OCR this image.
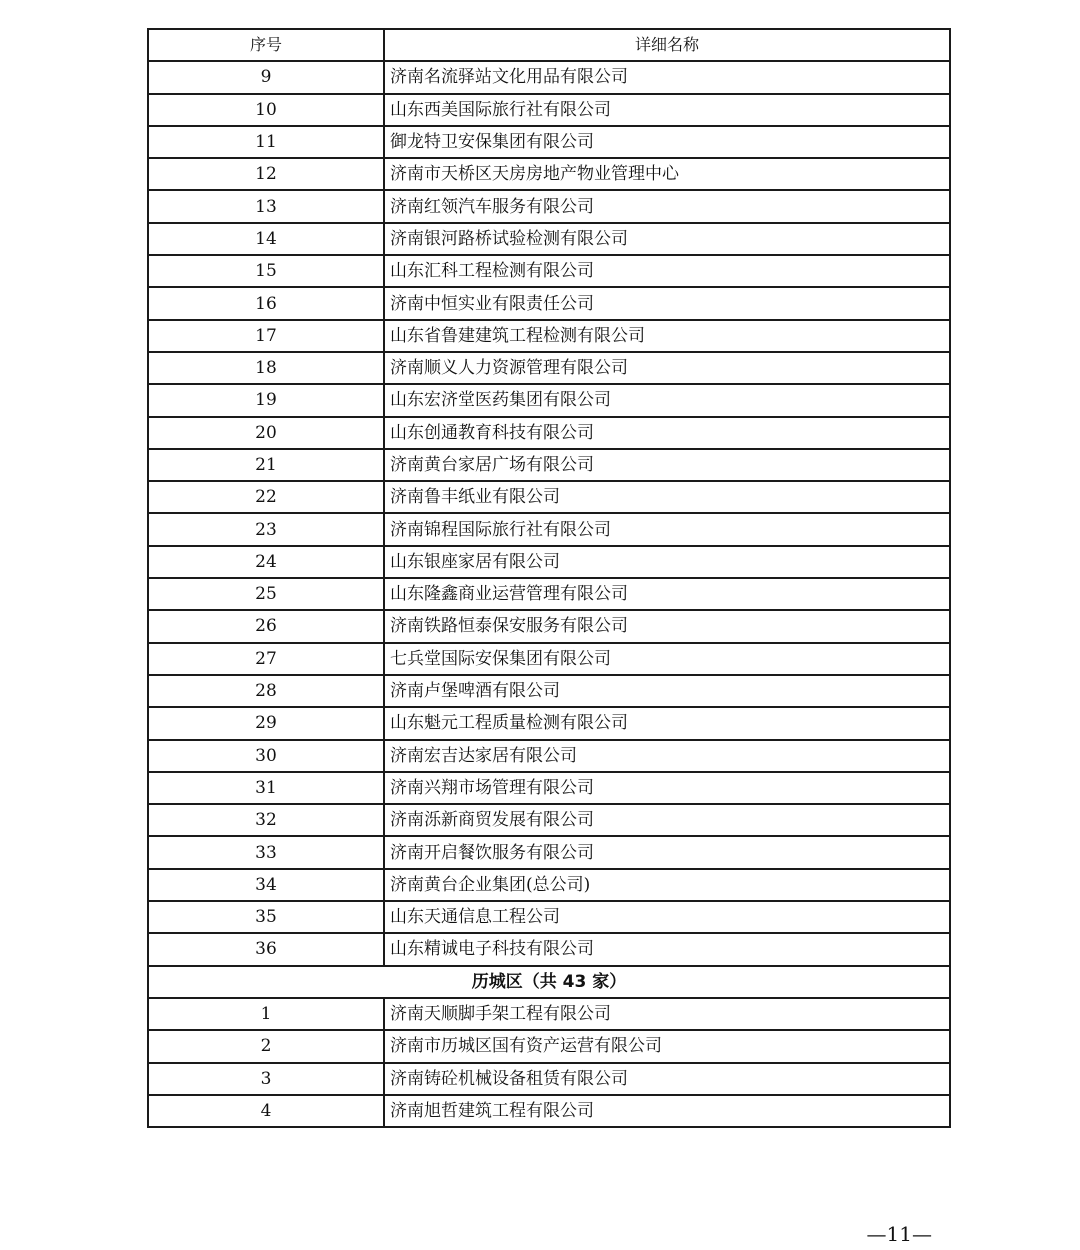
序号	详细名称
9	济南名流驿站文化用品有限公司
10	山东西美国际旅行社有限公司
11	御龙特卫安保集团有限公司
12	济南市天桥区天房房地产物业管理中心
13	济南红领汽车服务有限公司
14	济南银河路桥试验检测有限公司
15	山东汇科工程检测有限公司
16	济南中恒实业有限责任公司
17	山东省鲁建建筑工程检测有限公司
18	济南顺义人力资源管理有限公司
19	山东宏济堂医药集团有限公司
20	山东创通教育科技有限公司
21	济南黄台家居广场有限公司
22	济南鲁丰纸业有限公司
23	济南锦程国际旅行社有限公司
24	山东银座家居有限公司
25	山东隆鑫商业运营管理有限公司
26	济南铁路恒泰保安服务有限公司
27	七兵堂国际安保集团有限公司
28	济南卢堡啤酒有限公司
29	山东魁元工程质量检测有限公司
30	济南宏吉达家居有限公司
31	济南兴翔市场管理有限公司
32	济南泺新商贸发展有限公司
33	济南开启餐饮服务有限公司
34	济南黄台企业集团(总公司)
35	山东天通信息工程公司
36	山东精诚电子科技有限公司
历城区（共 43 家）	
1	济南天顺脚手架工程有限公司
2	济南市历城区国有资产运营有限公司
3	济南铸砼机械设备租赁有限公司
4	济南旭哲建筑工程有限公司
—11—
